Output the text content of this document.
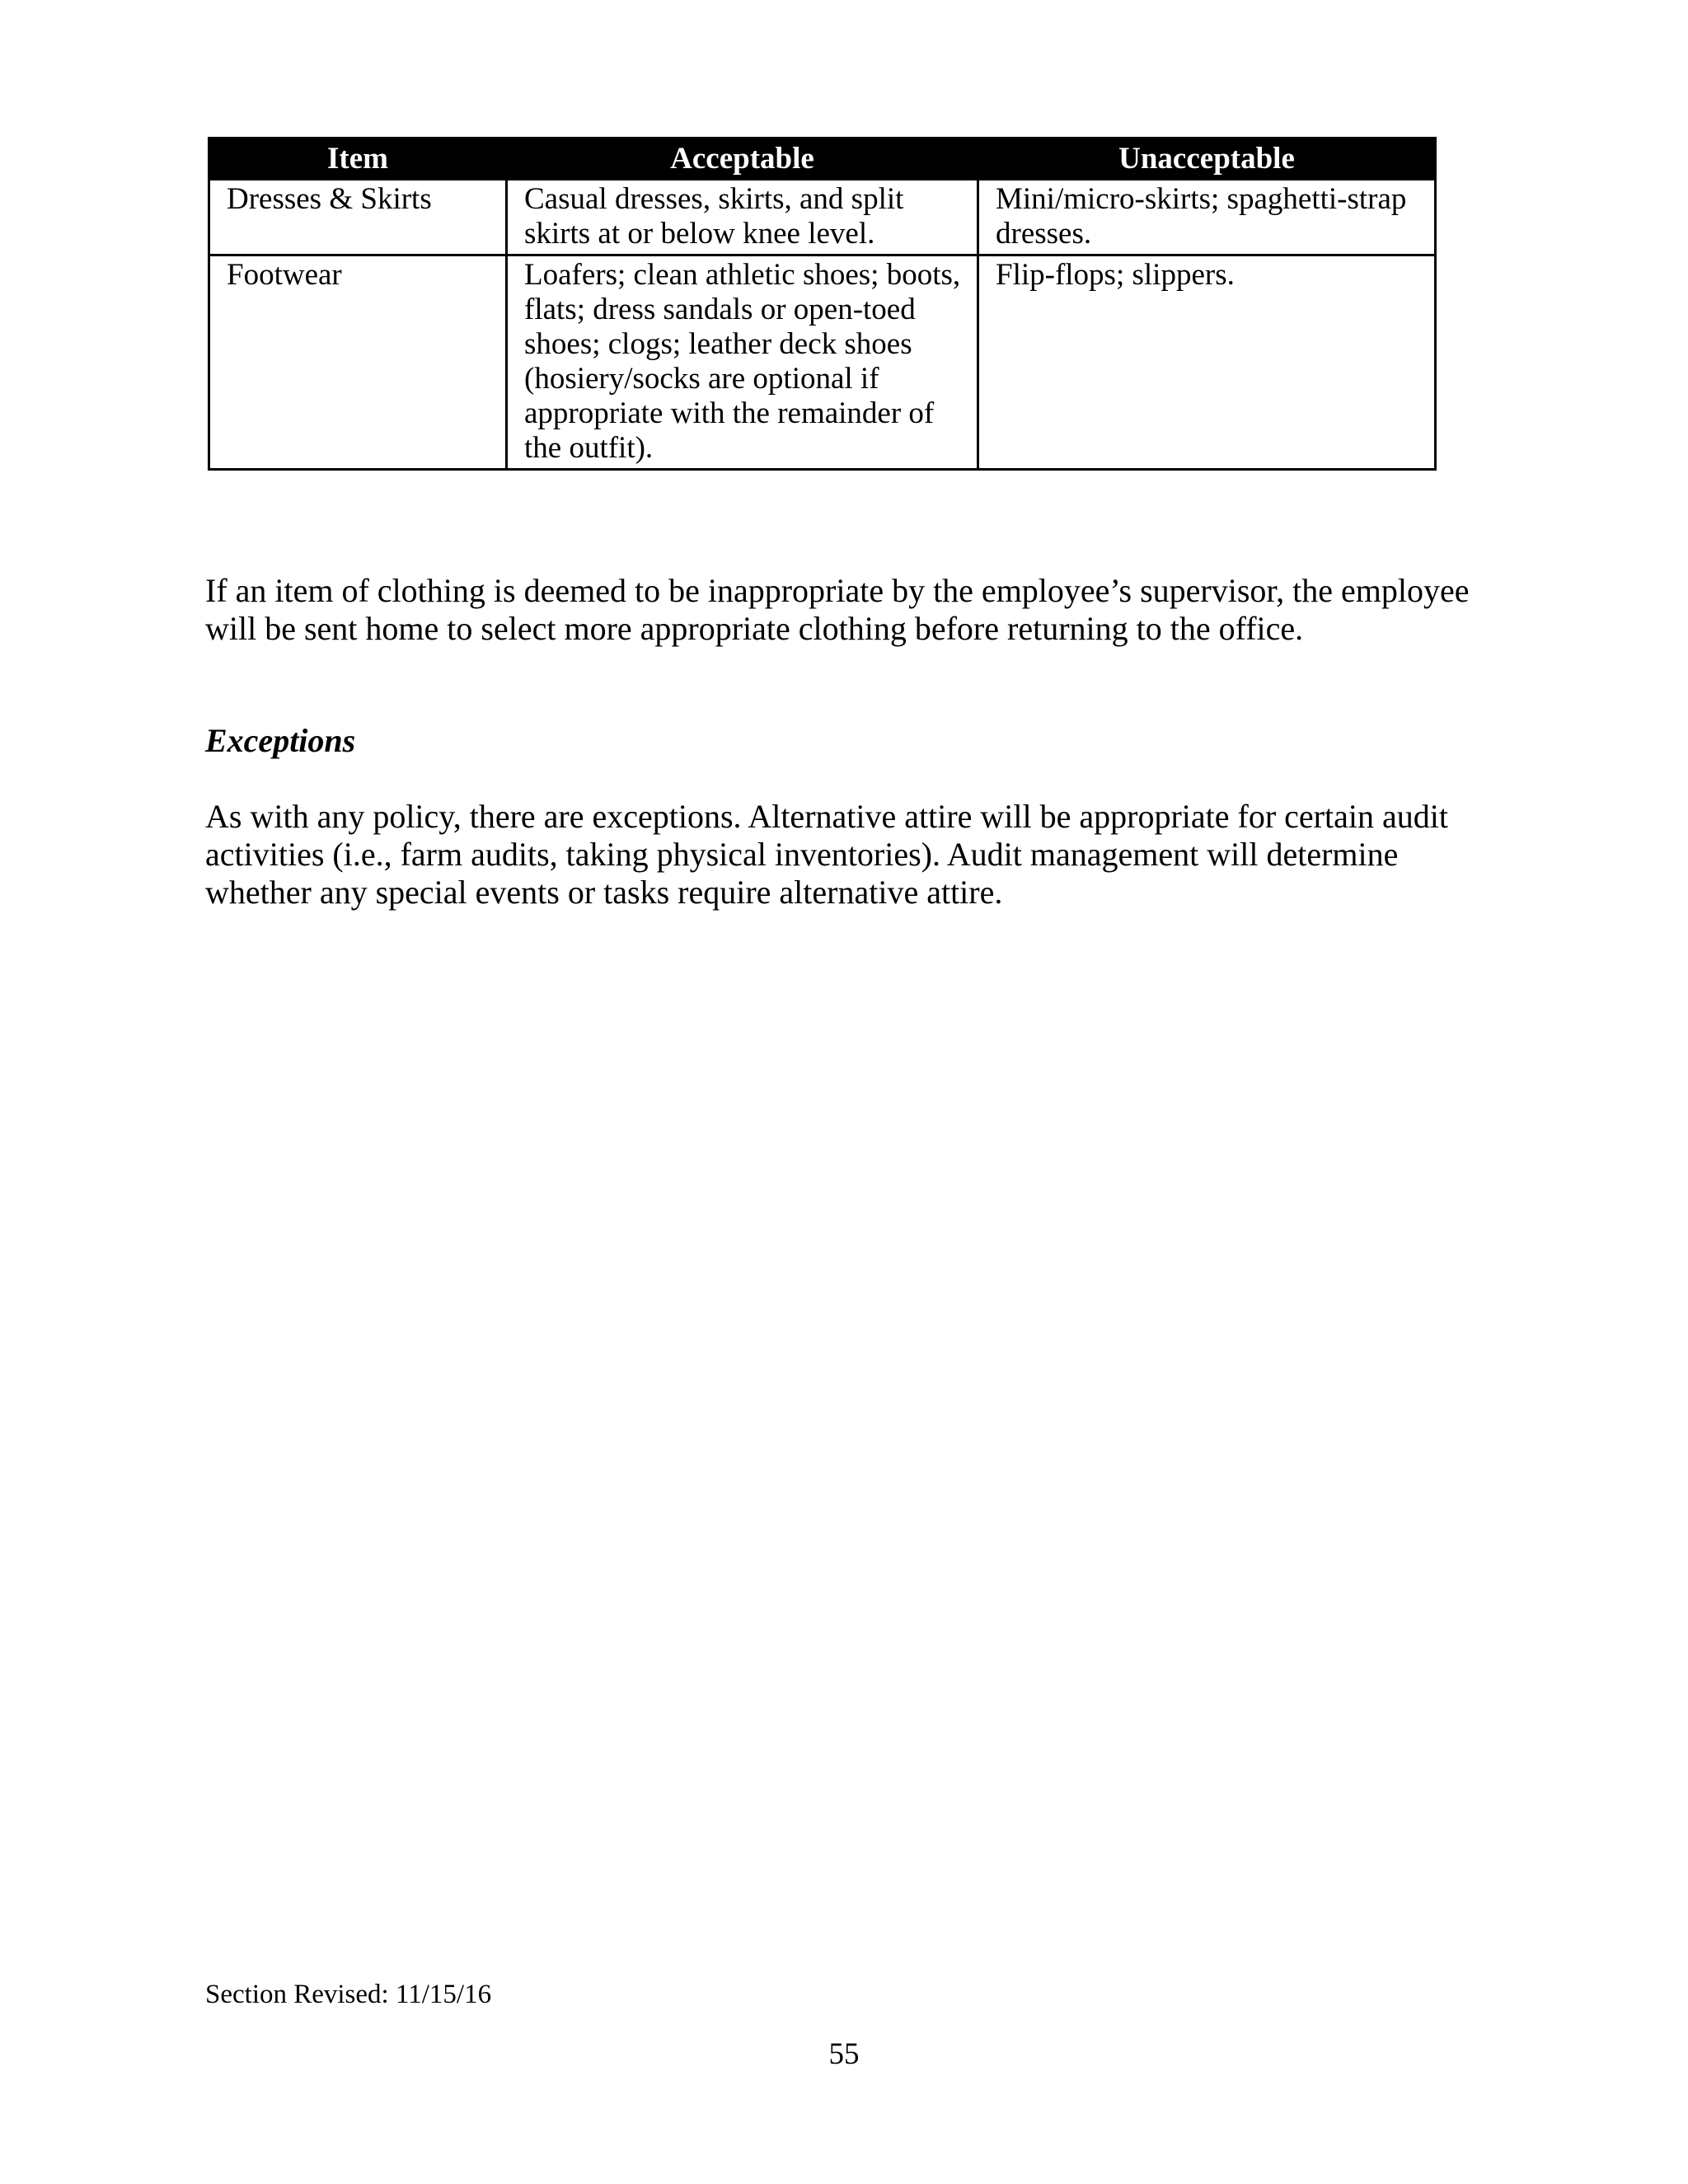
Item	Acceptable	Unacceptable
Dresses & Skirts	Casual dresses, skirts, and split skirts at or below knee level.	Mini/micro-skirts; spaghetti-strap dresses.
Footwear	Loafers; clean athletic shoes; boots, flats; dress sandals or open-toed shoes; clogs; leather deck shoes (hosiery/socks are optional if appropriate with the remainder of the outfit).	Flip-flops; slippers.

If an item of clothing is deemed to be inappropriate by the employee’s supervisor, the employee will be sent home to select more appropriate clothing before returning to the office.

Exceptions

As with any policy, there are exceptions. Alternative attire will be appropriate for certain audit activities (i.e., farm audits, taking physical inventories). Audit management will determine whether any special events or tasks require alternative attire.

Section Revised: 11/15/16
55
